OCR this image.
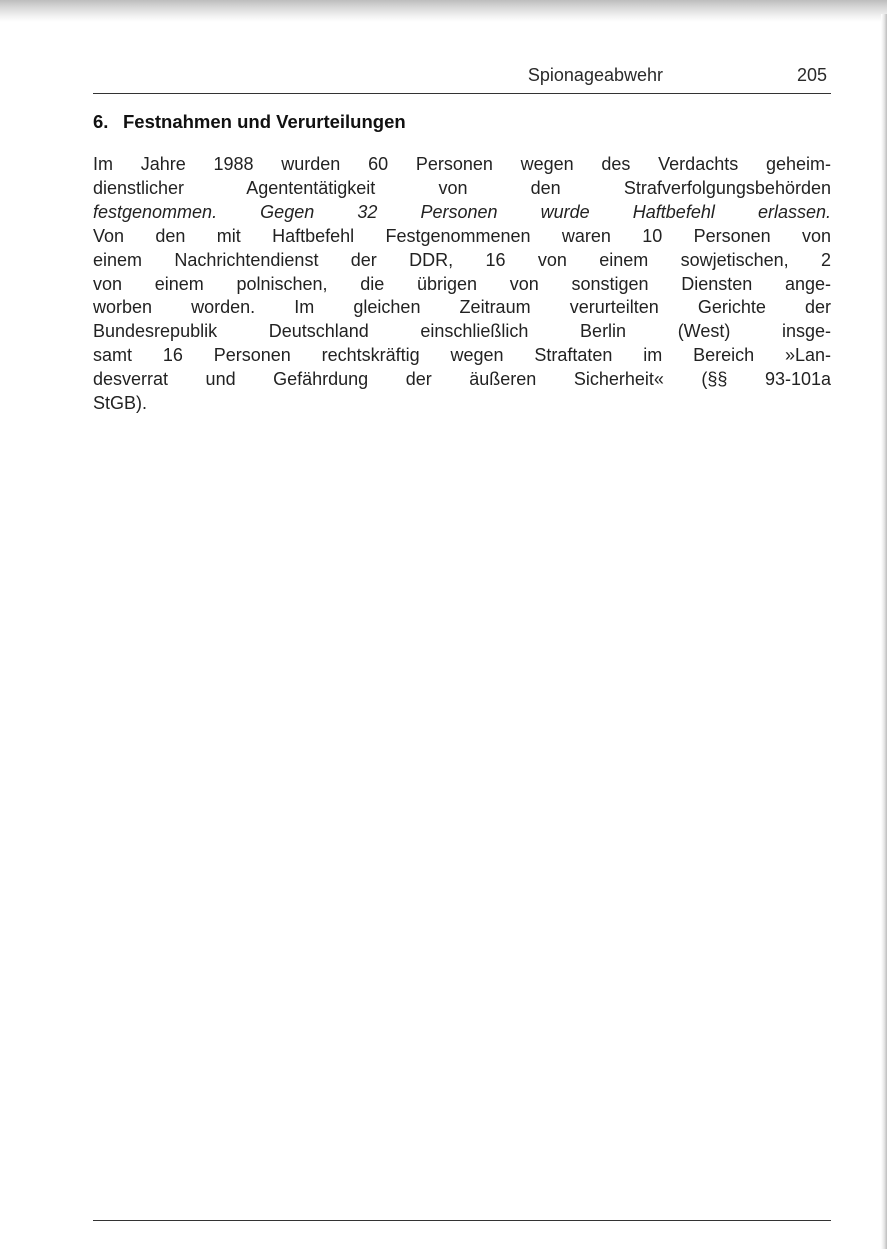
Spionageabwehr	205
6. Festnahmen und Verurteilungen

Im Jahre 1988 wurden 60 Personen wegen des Verdachts geheim-
dienstlicher Agententätigkeit von den Strafverfolgungsbehörden
festgenommen. Gegen 32 Personen wurde Haftbefehl erlassen.
Von den mit Haftbefehl Festgenommenen waren 10 Personen von
einem Nachrichtendienst der DDR, 16 von einem sowjetischen, 2
von einem polnischen, die übrigen von sonstigen Diensten ange-
worben worden. Im gleichen Zeitraum verurteilten Gerichte der
Bundesrepublik Deutschland einschließlich Berlin (West) insge-
samt 16 Personen rechtskräftig wegen Straftaten im Bereich »Lan-
desverrat und Gefährdung der äußeren Sicherheit« (§§ 93-101a
StGB).
